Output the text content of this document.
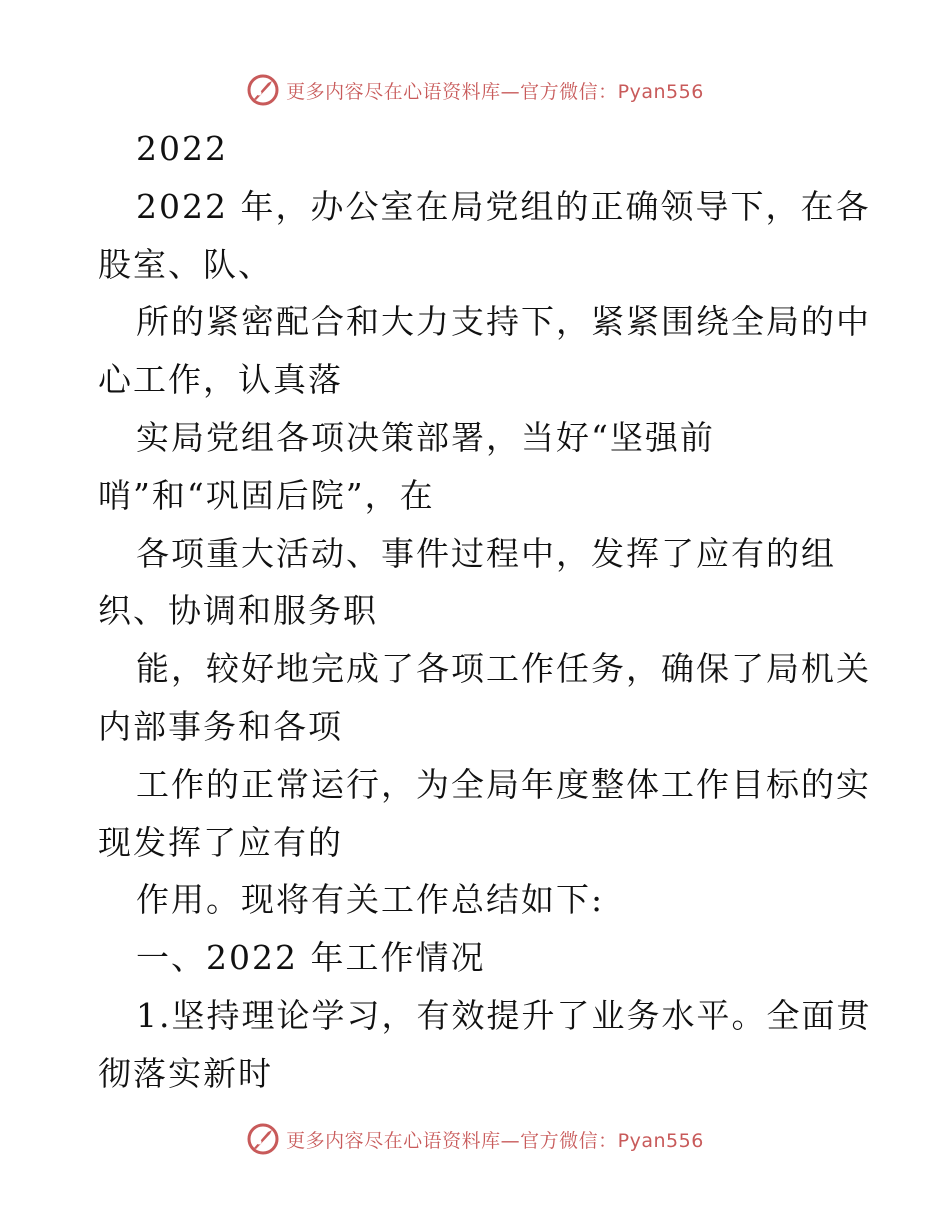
更多内容尽在心语资料库—官方微信：Pyan556
2022
2022 年，办公室在局党组的正确领导下，在各
股室、队、
所的紧密配合和大力支持下，紧紧围绕全局的中
心工作，认真落
实局党组各项决策部署，当好“坚强前
哨”和“巩固后院”，在
各项重大活动、事件过程中，发挥了应有的组
织、协调和服务职
能，较好地完成了各项工作任务，确保了局机关
内部事务和各项
工作的正常运行，为全局年度整体工作目标的实
现发挥了应有的
作用。现将有关工作总结如下:
一、2022 年工作情况
1.坚持理论学习，有效提升了业务水平。全面贯
彻落实新时
更多内容尽在心语资料库—官方微信：Pyan556
